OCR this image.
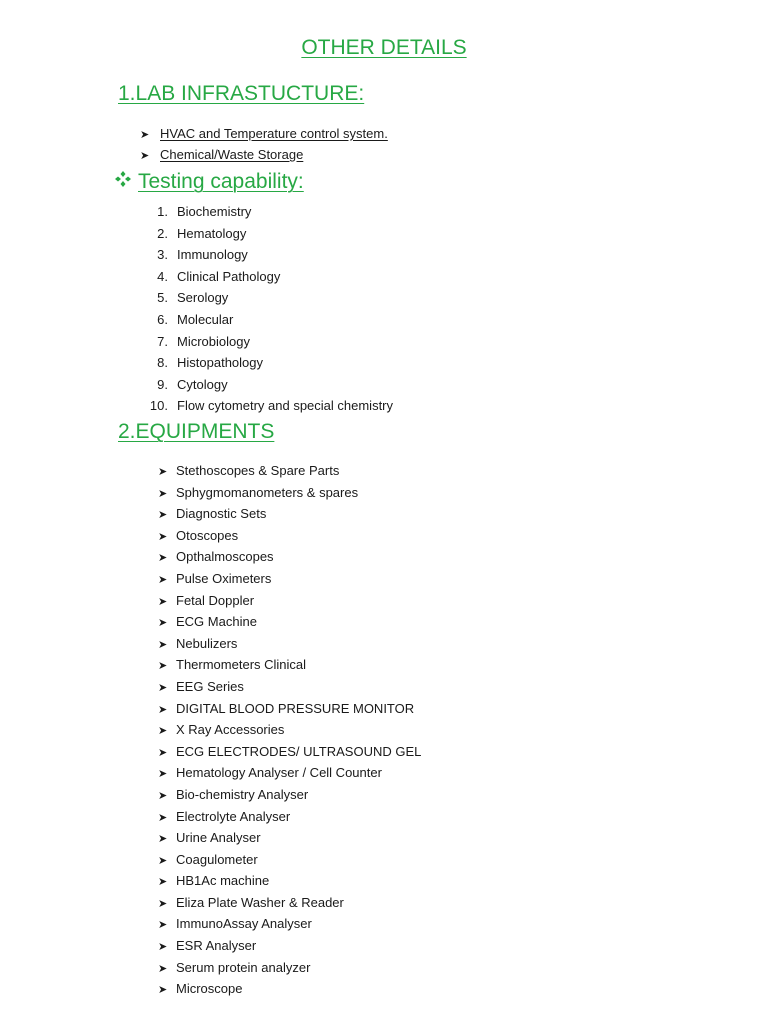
OTHER DETAILS
1.LAB INFRASTUCTURE:
➤ HVAC and Temperature control system.
➤ Chemical/Waste Storage
Testing capability:
1. Biochemistry
2. Hematology
3. Immunology
4. Clinical Pathology
5. Serology
6. Molecular
7. Microbiology
8. Histopathology
9. Cytology
10. Flow cytometry and special chemistry
2.EQUIPMENTS
➤ Stethoscopes & Spare Parts
➤ Sphygmomanometers & spares
➤ Diagnostic Sets
➤ Otoscopes
➤ Opthalmoscopes
➤ Pulse Oximeters
➤ Fetal Doppler
➤ ECG Machine
➤ Nebulizers
➤ Thermometers Clinical
➤ EEG Series
➤ DIGITAL BLOOD PRESSURE MONITOR
➤ X Ray Accessories
➤ ECG ELECTRODES/ ULTRASOUND GEL
➤ Hematology Analyser / Cell Counter
➤ Bio-chemistry Analyser
➤ Electrolyte Analyser
➤ Urine Analyser
➤ Coagulometer
➤ HB1Ac machine
➤ Eliza Plate Washer & Reader
➤ ImmunoAssay Analyser
➤ ESR Analyser
➤ Serum protein analyzer
➤ Microscope
